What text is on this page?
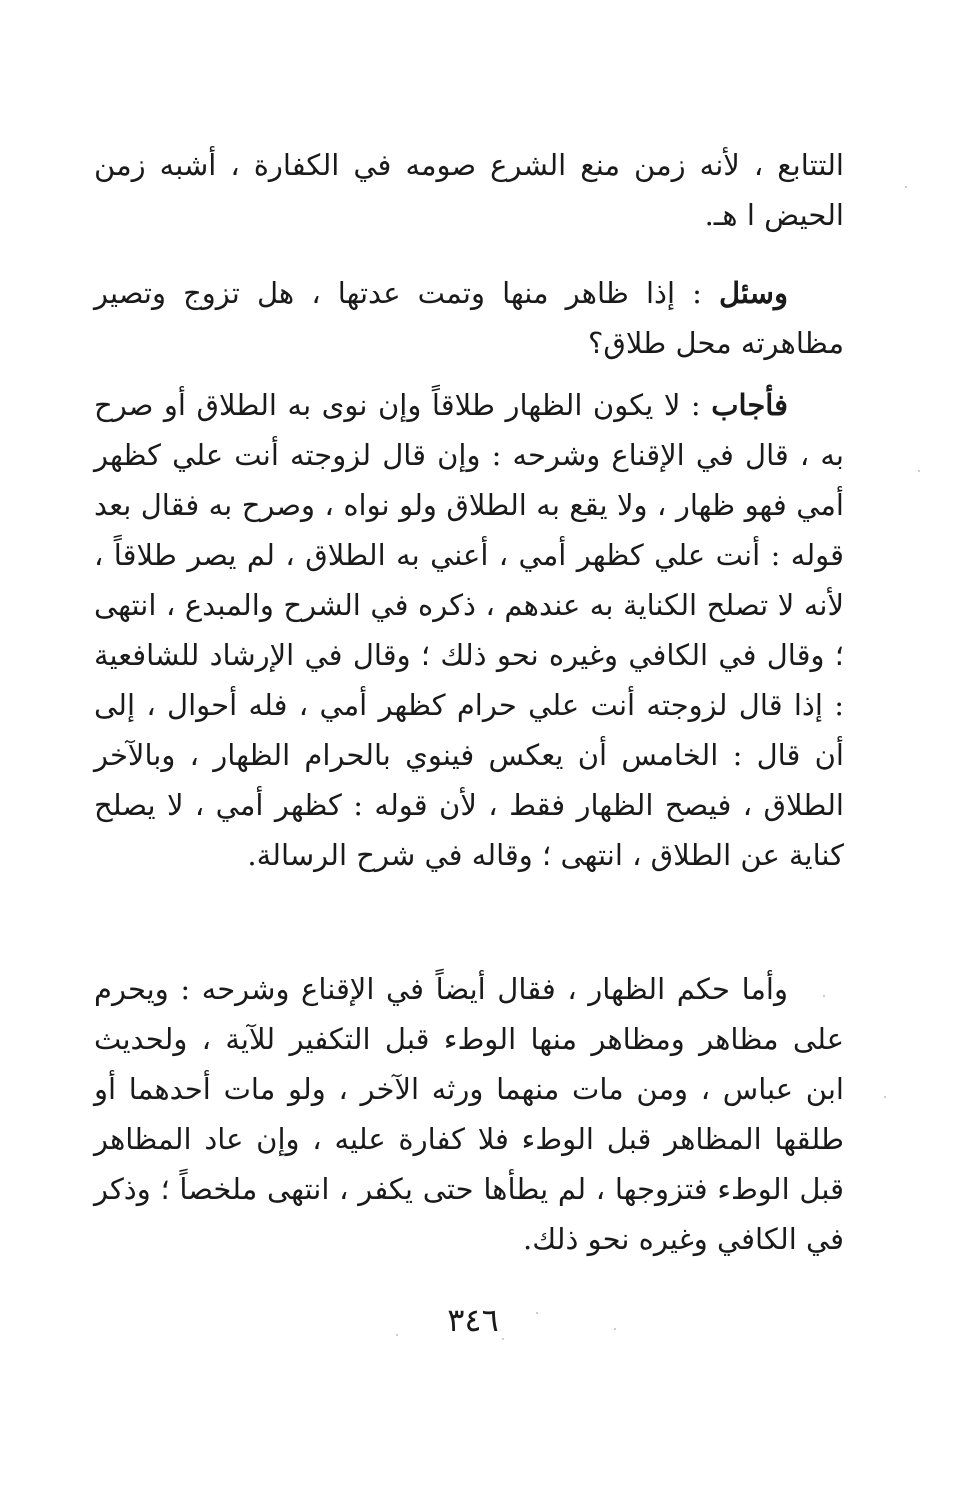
التتابع ، لأنه زمن منع الشرع صومه في الكفارة ، أشبه زمن الحيض ا هـ.

وسئل : إذا ظاهر منها وتمت عدتها ، هل تزوج وتصير مظاهرته محل طلاق؟

فأجاب : لا يكون الظهار طلاقاً وإن نوى به الطلاق أو صرح به ، قال في الإقناع وشرحه : وإن قال لزوجته أنت علي كظهر أمي فهو ظهار ، ولا يقع به الطلاق ولو نواه ، وصرح به فقال بعد قوله : أنت علي كظهر أمي ، أعني به الطلاق ، لم يصر طلاقاً ، لأنه لا تصلح الكناية به عندهم ، ذكره في الشرح والمبدع ، انتهى ؛ وقال في الكافي وغيره نحو ذلك ؛ وقال في الإرشاد للشافعية : إذا قال لزوجته أنت علي حرام كظهر أمي ، فله أحوال ، إلى أن قال : الخامس أن يعكس فينوي بالحرام الظهار ، وبالآخر الطلاق ، فيصح الظهار فقط ، لأن قوله : كظهر أمي ، لا يصلح كناية عن الطلاق ، انتهى ؛ وقاله في شرح الرسالة.

وأما حكم الظهار ، فقال أيضاً في الإقناع وشرحه : ويحرم على مظاهر ومظاهر منها الوطء قبل التكفير للآية ، ولحديث ابن عباس ، ومن مات منهما ورثه الآخر ، ولو مات أحدهما أو طلقها المظاهر قبل الوطء فلا كفارة عليه ، وإن عاد المظاهر قبل الوطء فتزوجها ، لم يطأها حتى يكفر ، انتهى ملخصاً ؛ وذكر في الكافي وغيره نحو ذلك.

٣٤٦
